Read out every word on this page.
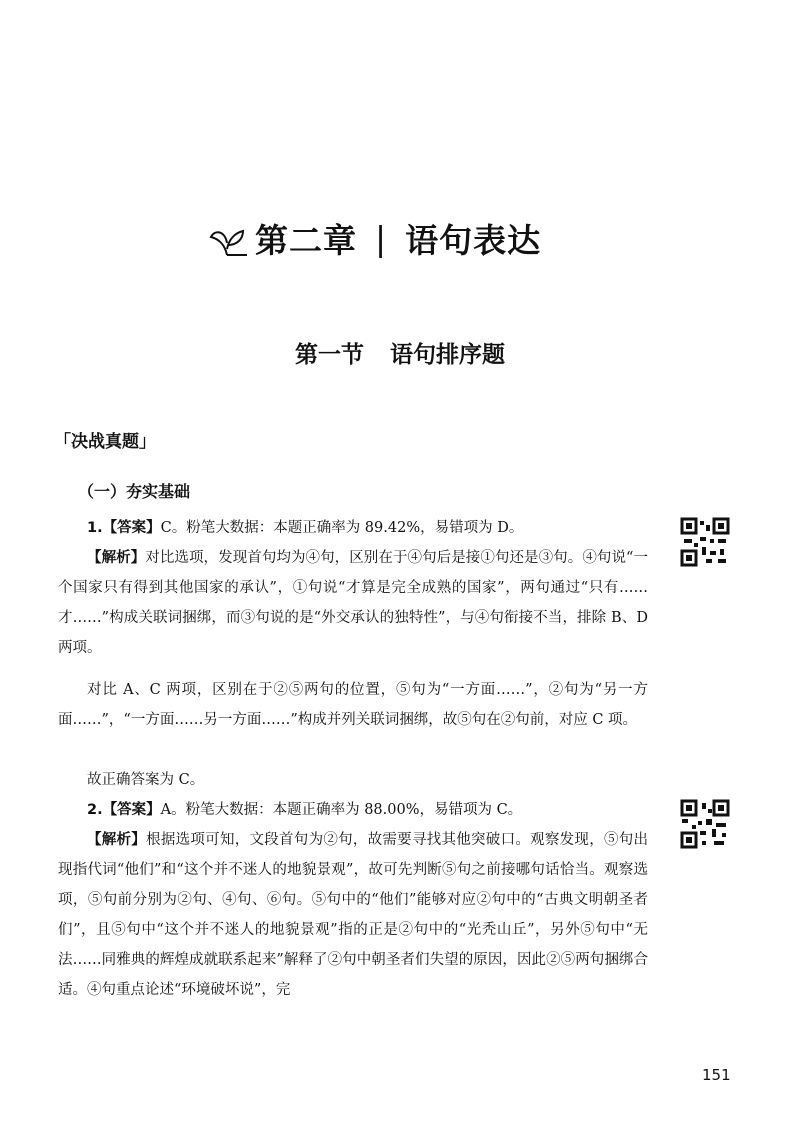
第二章 | 语句表达
第一节 语句排序题
「决战真题」
（一）夯实基础
1.【答案】C。粉笔大数据：本题正确率为 89.42%，易错项为 D。
【解析】对比选项，发现首句均为④句，区别在于④句后是接①句还是③句。④句说“一个国家只有得到其他国家的承认”，①句说“才算是完全成熟的国家”，两句通过“只有……才……”构成关联词捆绑，而③句说的是“外交承认的独特性”，与④句衔接不当，排除 B、D 两项。
对比 A、C 两项，区别在于②⑤两句的位置，⑤句为“一方面……”，②句为“另一方面……”，“一方面……另一方面……”构成并列关联词捆绑，故⑤句在②句前，对应 C 项。
故正确答案为 C。
2.【答案】A。粉笔大数据：本题正确率为 88.00%，易错项为 C。
【解析】根据选项可知，文段首句为②句，故需要寻找其他突破口。观察发现，⑤句出现指代词“他们”和“这个并不迷人的地貌景观”，故可先判断⑤句之前接哪句话恰当。观察选项，⑤句前分别为②句、④句、⑥句。⑤句中的“他们”能够对应②句中的“古典文明朝圣者们”，且⑤句中“这个并不迷人的地貌景观”指的正是②句中的“光秃山丘”，另外⑤句中“无法……同雅典的辉煌成就联系起来”解释了②句中朝圣者们失望的原因，因此②⑤两句捆绑合适。④句重点论述“环境破坏说”，完
151
